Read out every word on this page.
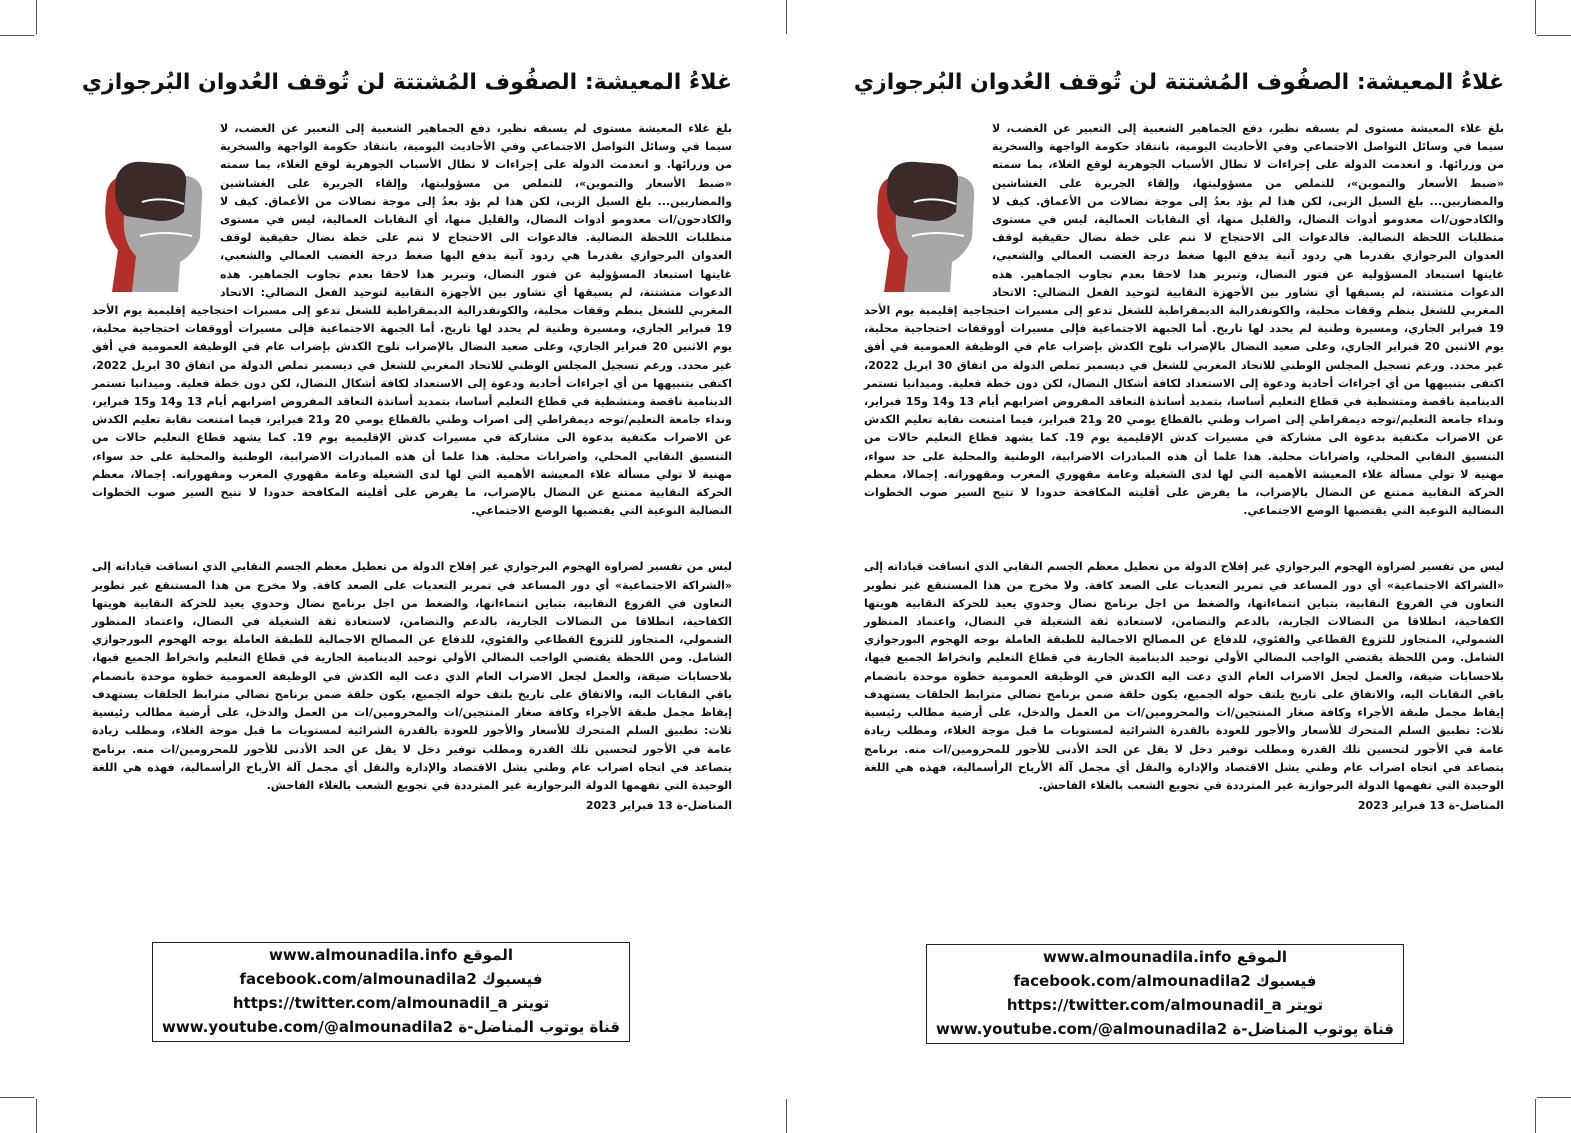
غلاءُ المعيشة: الصفُوف المُشتتة لن تُوقف العُدوان البُرجوازي

بلغ غلاء المعيشة مستوى لم يسبقه نظير، دفع الجماهير الشعبية إلى التعبير عن الغضب، لا سيما في وسائل التواصل الاجتماعي وفي الأحاديث اليومية، بانتقاد حكومة الواجهة والسخرية من وزرائها. و انعدمت الدولة على إجراءات لا تطال الأسباب الجوهرية لوقع الغلاء، بما سمته «ضبط الأسعار والتموين»، للتملص من مسؤوليتها، وإلقاء الجريرة على الغشاشين والمضاربين... بلغ السيل الزبى، لكن هذا لم يؤد بعدُ إلى موجة نضالات من الأعماق. كيف لا والكادحون/ات معدومو أدوات النضال، والقليل منها، أي النقابات العمالية، ليس في مستوى متطلبات اللحظة النضالية. فالدعوات الى الاحتجاج لا تنم على خطة نضال حقيقية لوقف العدوان البرجوازي بقدرما هي ردود آنية يدفع اليها ضغط درجة الغضب العمالي والشعبي، غايتها استبعاد المسؤولية عن فتور النضال، وتبرير هذا لاحقا بعدم تجاوب الجماهير. هذه الدعوات متشتتة، لم يسبقها أي تشاور بين الأجهزة النقابية لتوحيد الفعل النضالي: الاتحاد المغربي للشغل ينظم وقفات محلية، والكونفدرالية الديمقراطية للشغل تدعو إلى مسيرات احتجاجية إقليمية يوم الأحد 19 فبراير الجاري، ومسيرة وطنية لم يحدد لها تاريخ. أما الجبهة الاجتماعية فإلى مسيرات أووقفات احتجاجية محلية، يوم الاثنين 20 فبراير الجاري، وعلى صعيد النضال بالإضراب تلوح الكدش بإضراب عام في الوظيفة العمومية في أفق غير محدد. ورغم تسجيل المجلس الوطني للاتحاد المغربي للشغل في ديسمبر تملص الدولة من اتفاق 30 ابريل 2022، اكتفى بتنبيهها من أي اجراءات أحادية ودعوة إلى الاستعداد لكافة أشكال النضال، لكن دون خطة فعلية. وميدانيا تستمر الدينامية ناقصة ومتشظية في قطاع التعليم أساسا، بتمديد أساتذة التعاقد المفروض اضرابهم أيام 13 و14 و15 فبراير، ونداء جامعة التعليم/توجه ديمقراطي إلى اضراب وطني بالقطاع يومي 20 و21 فبراير، فيما امتنعت نقابة تعليم الكدش عن الاضراب مكتفية بدعوة الى مشاركة في مسيرات كدش الإقليمية يوم 19. كما يشهد قطاع التعليم حالات من التنسيق النقابي المحلي، واضرابات محلية. هذا علما أن هذه المبادرات الاضرابية، الوطنية والمحلية على حد سواء، مهنية لا تولي مسألة غلاء المعيشة الأهمية التي لها لدى الشغيلة وعامة مقهوري المغرب ومقهوراته. إجمالا، معظم الحركة النقابية ممتنع عن النضال بالإضراب، ما يفرض على أقليته المكافحة حدودا لا تتيح السير صوب الخطوات النضالية النوعية التي يقتضيها الوضع الاجتماعي.

ليس من تفسير لضراوة الهجوم البرجوازي غير إفلاح الدولة من تعطيل معظم الجسم النقابي الذي انساقت قياداته إلى «الشراكة الاجتماعية» أي دور المساعد في تمرير التعديات على الصعد كافة. ولا مخرج من هذا المستنقع غير تطوير التعاون في الفروع النقابية، بتباين انتماءاتها، والضغط من اجل برنامج نضال وحدوي يعيد للحركة النقابية هويتها الكفاحية، انطلاقا من النضالات الجارية، بالدعم والتضامن، لاستعادة ثقة الشغيلة في النضال، واعتماد المنظور الشمولي، المتجاوز للتزوع القطاعي والفئوي، للدفاع عن المصالح الاجمالية للطبقة العاملة بوجه الهجوم البورجوازي الشامل. ومن اللحظة يقتضي الواجب النضالي الأولي توحيد الدينامية الجارية في قطاع التعليم وانخراط الجميع فيها، بلاحسابات ضيقة، والعمل لجعل الاضراب العام الذي دعت اليه الكدش في الوظيفة العمومية خطوة موحدة بانضمام باقي النقابات اليه، والاتفاق على تاريخ يلتف حوله الجميع، يكون حلقة ضمن برنامج نضالي مترابط الحلقات يستهدف إيقاظ مجمل طبقة الأجراء وكافة صغار المنتجين/ات والمحرومين/ات من العمل والدخل، على أرضية مطالب رئيسية ثلاث: تطبيق السلم المتحرك للأسعار والأجور للعودة بالقدرة الشرائية لمستويات ما قبل موجة الغلاء، ومطلب زيادة عامة في الأجور لتحسين تلك القدرة ومطلب توفير دخل لا يقل عن الحد الأدنى للأجور للمحرومين/ات منه. برنامج يتصاعد في اتجاه اضراب عام وطني يشل الاقتصاد والإدارة والنقل أي مجمل آلة الأرباح الرأسمالية، فهذه هي اللغة الوحيدة التي تفهمها الدولة البرجوازية غير المترددة في تجويع الشعب بالغلاء الفاحش.

المناضل-ة 13 فبراير 2023
www.almounadila.info الموقع
facebook.com/almounadila2 فيسبوك
https://twitter.com/almounadil_a تويتر
www.youtube.com/@almounadila2 قناة يوتوب المناضل-ة
غلاءُ المعيشة: الصفُوف المُشتتة لن تُوقف العُدوان البُرجوازي

بلغ غلاء المعيشة مستوى لم يسبقه نظير، دفع الجماهير الشعبية إلى التعبير عن الغضب، لا سيما في وسائل التواصل الاجتماعي وفي الأحاديث اليومية، بانتقاد حكومة الواجهة والسخرية من وزرائها. و انعدمت الدولة على إجراءات لا تطال الأسباب الجوهرية لوقع الغلاء، بما سمته «ضبط الأسعار والتموين»، للتملص من مسؤوليتها، وإلقاء الجريرة على الغشاشين والمضاربين... بلغ السيل الزبى، لكن هذا لم يؤد بعدُ إلى موجة نضالات من الأعماق. كيف لا والكادحون/ات معدومو أدوات النضال، والقليل منها، أي النقابات العمالية، ليس في مستوى متطلبات اللحظة النضالية. فالدعوات الى الاحتجاج لا تنم على خطة نضال حقيقية لوقف العدوان البرجوازي بقدرما هي ردود آنية يدفع اليها ضغط درجة الغضب العمالي والشعبي، غايتها استبعاد المسؤولية عن فتور النضال، وتبرير هذا لاحقا بعدم تجاوب الجماهير. هذه الدعوات متشتتة، لم يسبقها أي تشاور بين الأجهزة النقابية لتوحيد الفعل النضالي: الاتحاد المغربي للشغل ينظم وقفات محلية، والكونفدرالية الديمقراطية للشغل تدعو إلى مسيرات احتجاجية إقليمية يوم الأحد 19 فبراير الجاري، ومسيرة وطنية لم يحدد لها تاريخ. أما الجبهة الاجتماعية فإلى مسيرات أووقفات احتجاجية محلية، يوم الاثنين 20 فبراير الجاري، وعلى صعيد النضال بالإضراب تلوح الكدش بإضراب عام في الوظيفة العمومية في أفق غير محدد. ورغم تسجيل المجلس الوطني للاتحاد المغربي للشغل في ديسمبر تملص الدولة من اتفاق 30 ابريل 2022، اكتفى بتنبيهها من أي اجراءات أحادية ودعوة إلى الاستعداد لكافة أشكال النضال، لكن دون خطة فعلية. وميدانيا تستمر الدينامية ناقصة ومتشظية في قطاع التعليم أساسا، بتمديد أساتذة التعاقد المفروض اضرابهم أيام 13 و14 و15 فبراير، ونداء جامعة التعليم/توجه ديمقراطي إلى اضراب وطني بالقطاع يومي 20 و21 فبراير، فيما امتنعت نقابة تعليم الكدش عن الاضراب مكتفية بدعوة الى مشاركة في مسيرات كدش الإقليمية يوم 19. كما يشهد قطاع التعليم حالات من التنسيق النقابي المحلي، واضرابات محلية. هذا علما أن هذه المبادرات الاضرابية، الوطنية والمحلية على حد سواء، مهنية لا تولي مسألة غلاء المعيشة الأهمية التي لها لدى الشغيلة وعامة مقهوري المغرب ومقهوراته. إجمالا، معظم الحركة النقابية ممتنع عن النضال بالإضراب، ما يفرض على أقليته المكافحة حدودا لا تتيح السير صوب الخطوات النضالية النوعية التي يقتضيها الوضع الاجتماعي.

ليس من تفسير لضراوة الهجوم البرجوازي غير إفلاح الدولة من تعطيل معظم الجسم النقابي الذي انساقت قياداته إلى «الشراكة الاجتماعية» أي دور المساعد في تمرير التعديات على الصعد كافة. ولا مخرج من هذا المستنقع غير تطوير التعاون في الفروع النقابية، بتباين انتماءاتها، والضغط من اجل برنامج نضال وحدوي يعيد للحركة النقابية هويتها الكفاحية، انطلاقا من النضالات الجارية، بالدعم والتضامن، لاستعادة ثقة الشغيلة في النضال، واعتماد المنظور الشمولي، المتجاوز للتزوع القطاعي والفئوي، للدفاع عن المصالح الاجمالية للطبقة العاملة بوجه الهجوم البورجوازي الشامل. ومن اللحظة يقتضي الواجب النضالي الأولي توحيد الدينامية الجارية في قطاع التعليم وانخراط الجميع فيها، بلاحسابات ضيقة، والعمل لجعل الاضراب العام الذي دعت اليه الكدش في الوظيفة العمومية خطوة موحدة بانضمام باقي النقابات اليه، والاتفاق على تاريخ يلتف حوله الجميع، يكون حلقة ضمن برنامج نضالي مترابط الحلقات يستهدف إيقاظ مجمل طبقة الأجراء وكافة صغار المنتجين/ات والمحرومين/ات من العمل والدخل، على أرضية مطالب رئيسية ثلاث: تطبيق السلم المتحرك للأسعار والأجور للعودة بالقدرة الشرائية لمستويات ما قبل موجة الغلاء، ومطلب زيادة عامة في الأجور لتحسين تلك القدرة ومطلب توفير دخل لا يقل عن الحد الأدنى للأجور للمحرومين/ات منه. برنامج يتصاعد في اتجاه اضراب عام وطني يشل الاقتصاد والإدارة والنقل أي مجمل آلة الأرباح الرأسمالية، فهذه هي اللغة الوحيدة التي تفهمها الدولة البرجوازية غير المترددة في تجويع الشعب بالغلاء الفاحش.

المناضل-ة 13 فبراير 2023
www.almounadila.info الموقع
facebook.com/almounadila2 فيسبوك
https://twitter.com/almounadil_a تويتر
www.youtube.com/@almounadila2 قناة يوتوب المناضل-ة
